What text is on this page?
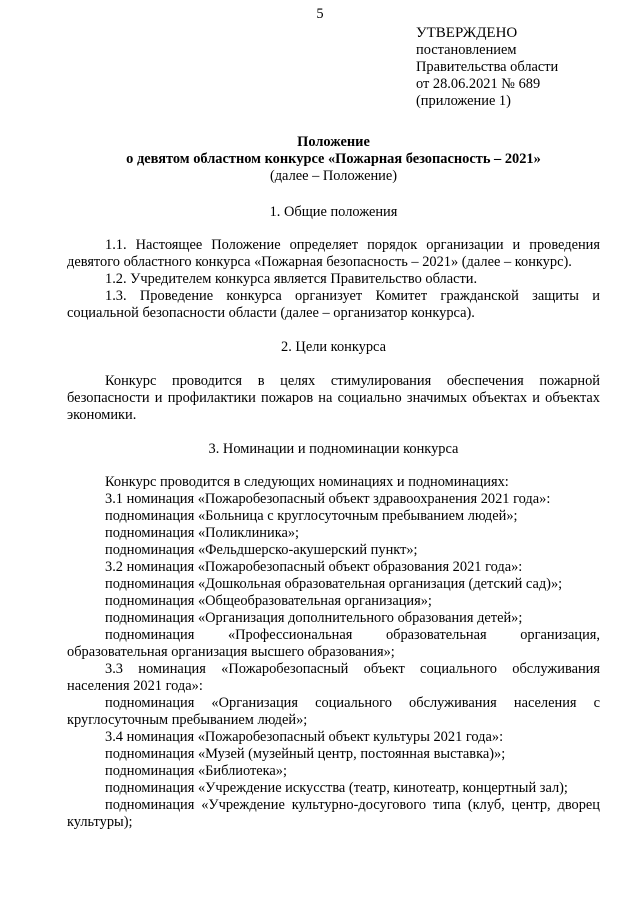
5
УТВЕРЖДЕНО
постановлением
Правительства области
от 28.06.2021 № 689
(приложение 1)
Положение
о девятом областном конкурсе «Пожарная безопасность – 2021»
(далее – Положение)
1. Общие положения

1.1. Настоящее Положение определяет порядок организации и проведения девятого областного конкурса «Пожарная безопасность – 2021» (далее – конкурс).

1.2. Учредителем конкурса является Правительство области.

1.3. Проведение конкурса организует Комитет гражданской защиты и социальной безопасности области (далее – организатор конкурса).

2. Цели конкурса

Конкурс проводится в целях стимулирования обеспечения пожарной безопасности и профилактики пожаров на социально значимых объектах и объектах экономики.

3. Номинации и подноминации конкурса

Конкурс проводится в следующих номинациях и подноминациях:

3.1 номинация «Пожаробезопасный объект здравоохранения 2021 года»:

подноминация «Больница с круглосуточным пребыванием людей»;

подноминация «Поликлиника»;

подноминация «Фельдшерско-акушерский пункт»;

3.2 номинация «Пожаробезопасный объект образования 2021 года»:

подноминация «Дошкольная образовательная организация (детский сад)»;

подноминация «Общеобразовательная организация»;

подноминация «Организация дополнительного образования детей»;

подноминация «Профессиональная образовательная организация, образовательная организация высшего образования»;

3.3 номинация «Пожаробезопасный объект социального обслуживания населения 2021 года»:

подноминация «Организация социального обслуживания населения с круглосуточным пребыванием людей»;

3.4 номинация «Пожаробезопасный объект культуры 2021 года»:

подноминация «Музей (музейный центр, постоянная выставка)»;

подноминация «Библиотека»;

подноминация «Учреждение искусства (театр, кинотеатр, концертный зал);

подноминация «Учреждение культурно-досугового типа (клуб, центр, дворец культуры);
